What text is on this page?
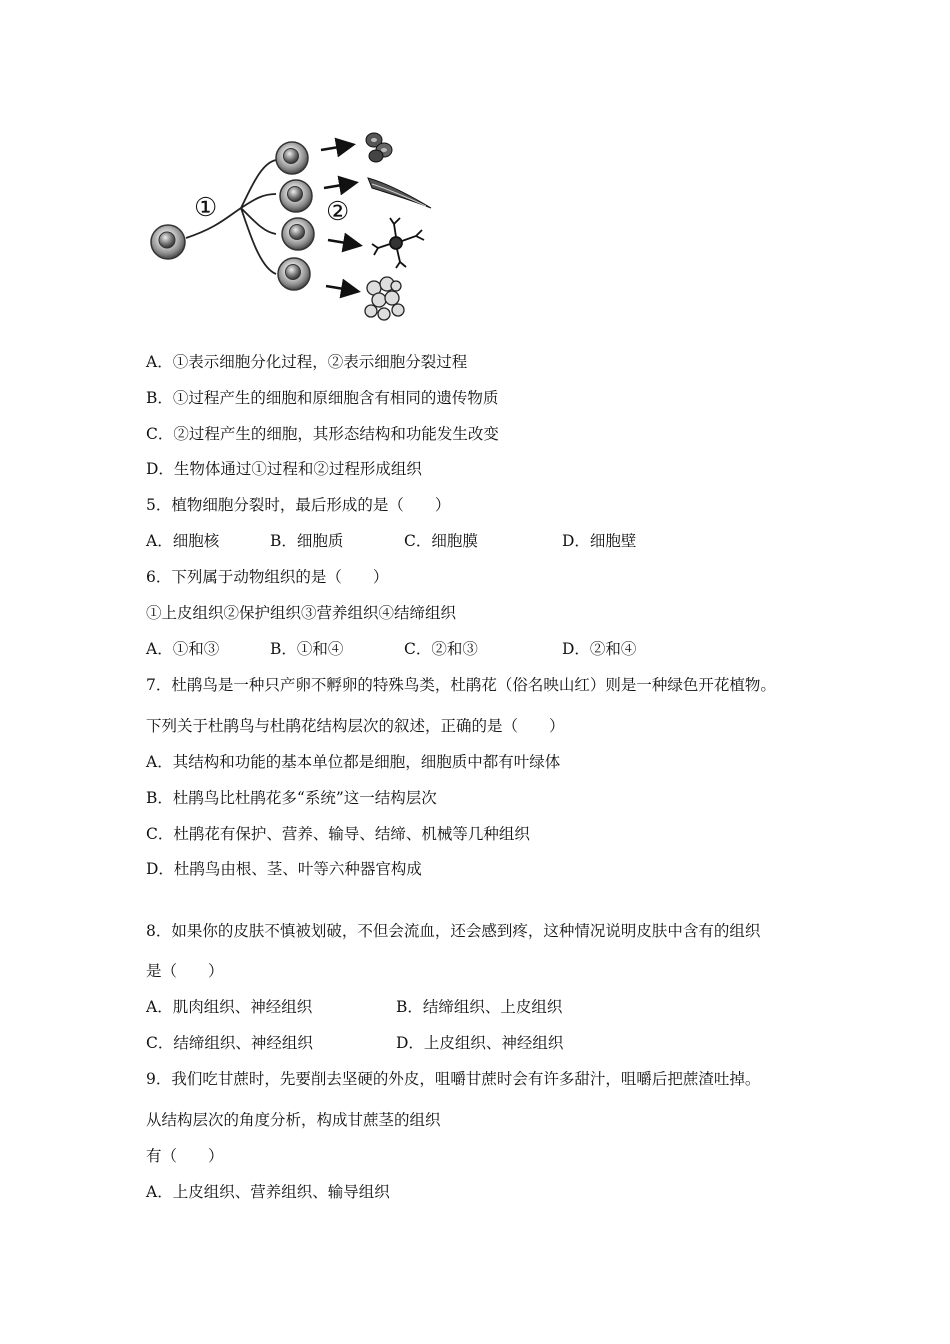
①	②
A．①表示细胞分化过程，②表示细胞分裂过程
B．①过程产生的细胞和原细胞含有相同的遗传物质
C．②过程产生的细胞，其形态结构和功能发生改变
D．生物体通过①过程和②过程形成组织
5．植物细胞分裂时，最后形成的是（　　）
A．细胞核	B．细胞质	C．细胞膜	D．细胞壁
6．下列属于动物组织的是（　　）
①上皮组织②保护组织③营养组织④结缔组织
A．①和③	B．①和④	C．②和③	D．②和④
7．杜鹃鸟是一种只产卵不孵卵的特殊鸟类，杜鹃花（俗名映山红）则是一种绿色开花植物。
下列关于杜鹃鸟与杜鹃花结构层次的叙述，正确的是（　　）
A．其结构和功能的基本单位都是细胞，细胞质中都有叶绿体
B．杜鹃鸟比杜鹃花多“系统”这一结构层次
C．杜鹃花有保护、营养、输导、结缔、机械等几种组织
D．杜鹃鸟由根、茎、叶等六种器官构成
8．如果你的皮肤不慎被划破，不但会流血，还会感到疼，这种情况说明皮肤中含有的组织
是（　　）
A．肌肉组织、神经组织	B．结缔组织、上皮组织
C．结缔组织、神经组织	D．上皮组织、神经组织
9．我们吃甘蔗时，先要削去坚硬的外皮，咀嚼甘蔗时会有许多甜汁，咀嚼后把蔗渣吐掉。
从结构层次的角度分析，构成甘蔗茎的组织
有（　　）
A．上皮组织、营养组织、输导组织
